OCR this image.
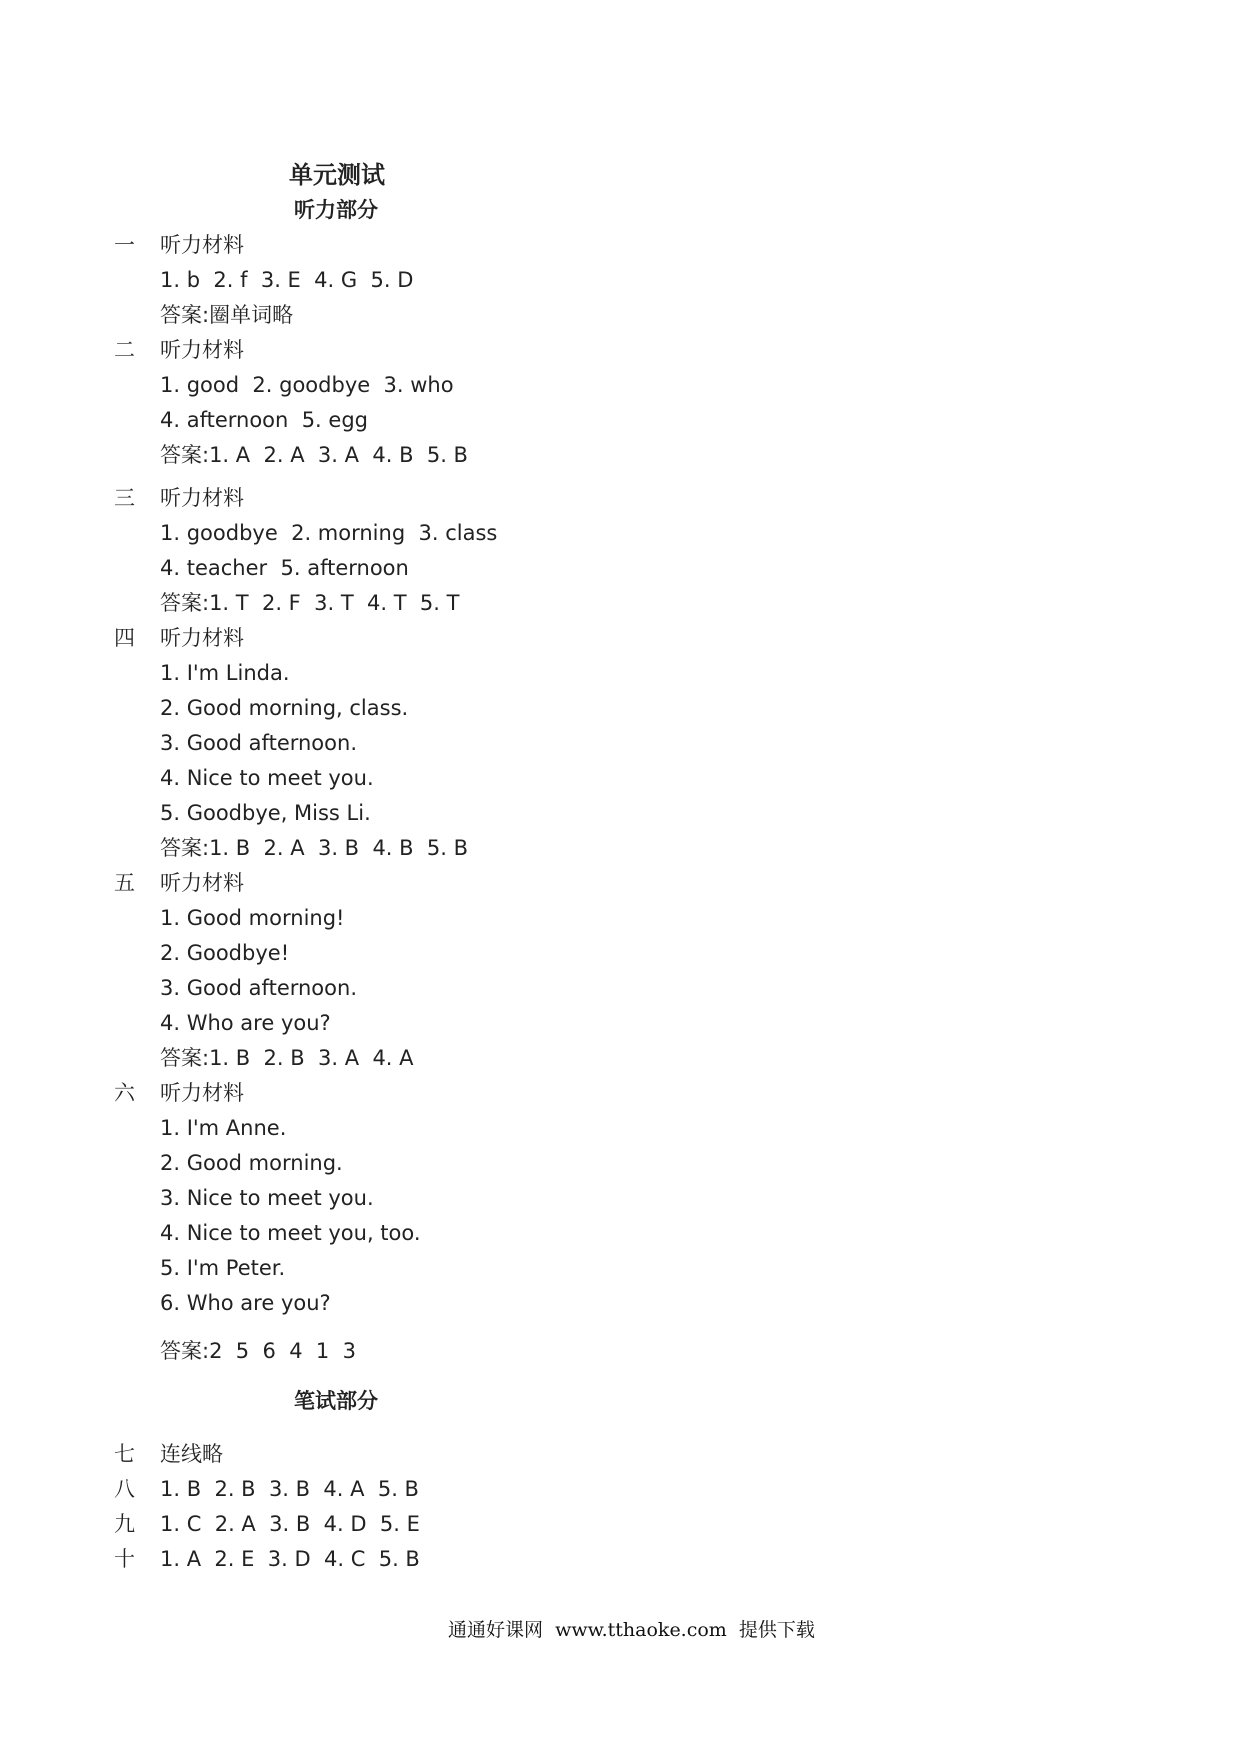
单元测试
听力部分
一 听力材料
1. b  2. f  3. E  4. G  5. D
答案:圈单词略
二 听力材料
1. good  2. goodbye  3. who
4. afternoon  5. egg
答案:1. A  2. A  3. A  4. B  5. B
三 听力材料
1. goodbye  2. morning  3. class
4. teacher  5. afternoon
答案:1. T  2. F  3. T  4. T  5. T
四 听力材料
1. I'm Linda.
2. Good morning, class.
3. Good afternoon.
4. Nice to meet you.
5. Goodbye, Miss Li.
答案:1. B  2. A  3. B  4. B  5. B
五 听力材料
1. Good morning!
2. Goodbye!
3. Good afternoon.
4. Who are you?
答案:1. B  2. B  3. A  4. A
六 听力材料
1. I'm Anne.
2. Good morning.
3. Nice to meet you.
4. Nice to meet you, too.
5. I'm Peter.
6. Who are you?
答案:2  5  6  4  1  3
笔试部分
七 连线略
八 1. B  2. B  3. B  4. A  5. B
九 1. C  2. A  3. B  4. D  5. E
十 1. A  2. E  3. D  4. C  5. B
通通好课网  www.tthaoke.com  提供下载
